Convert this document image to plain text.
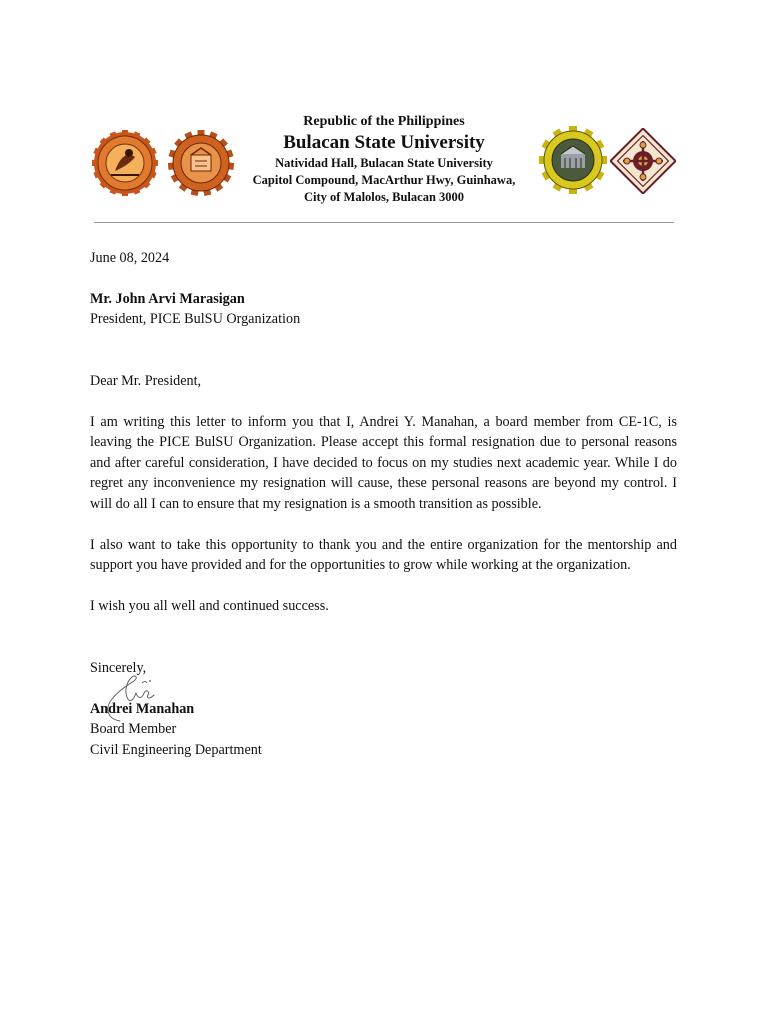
Republic of the Philippines
Bulacan State University
Natividad Hall, Bulacan State University
Capitol Compound, MacArthur Hwy, Guinhawa,
City of Malolos, Bulacan 3000

June 08, 2024

Mr. John Arvi Marasigan

President, PICE BulSU Organization

Dear Mr. President,

I am writing this letter to inform you that I, Andrei Y. Manahan, a board member from CE-1C, is leaving the PICE BulSU Organization. Please accept this formal resignation due to personal reasons and after careful consideration, I have decided to focus on my studies next academic year. While I do regret any inconvenience my resignation will cause, these personal reasons are beyond my control. I will do all I can to ensure that my resignation is a smooth transition as possible.

I also want to take this opportunity to thank you and the entire organization for the mentorship and support you have provided and for the opportunities to grow while working at the organization.

I wish you all well and continued success.

Sincerely,

Andrei Manahan

Board Member

Civil Engineering Department
